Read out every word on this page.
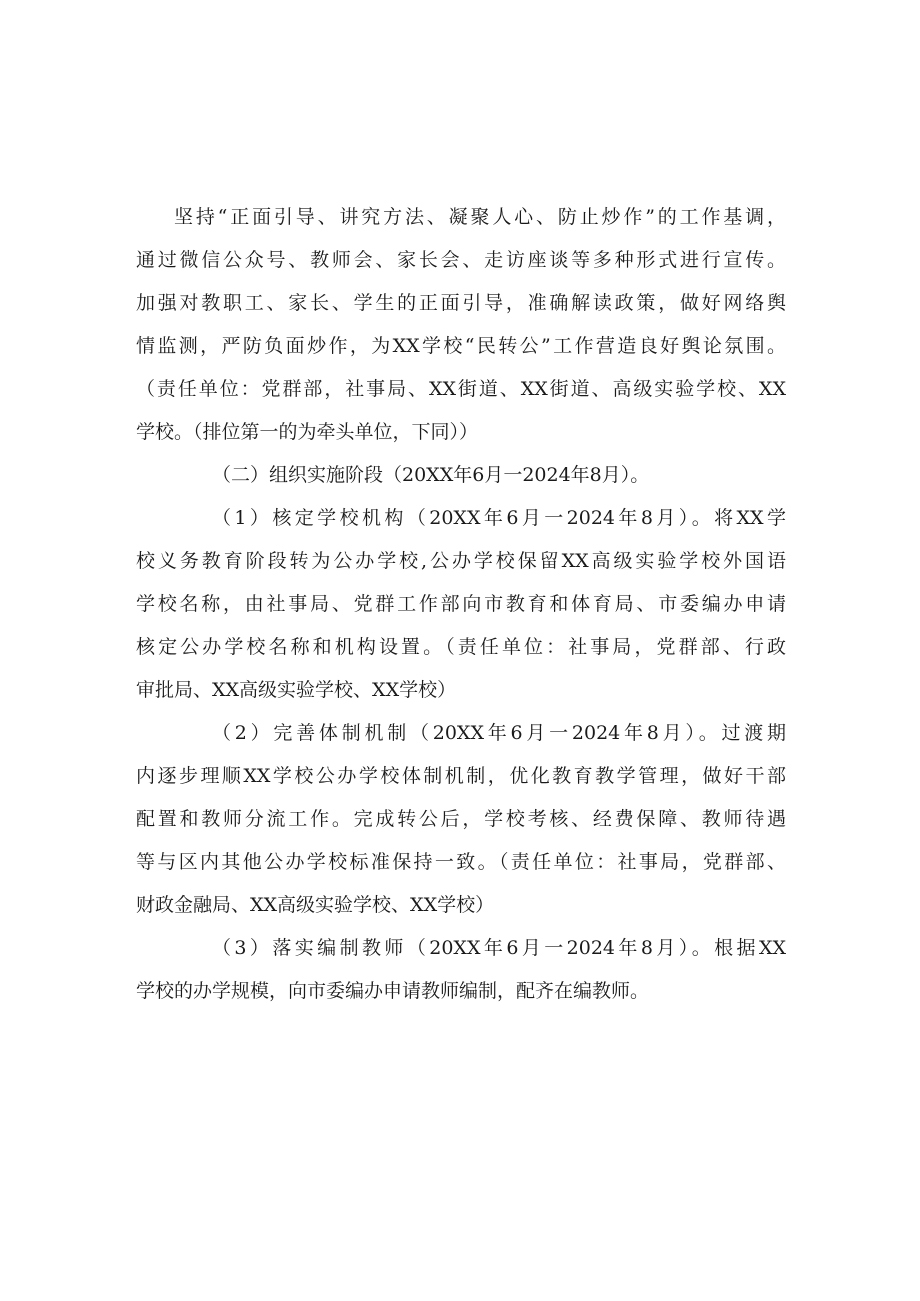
坚持“正面引导、讲究方法、凝聚人心、防止炒作”的工作基调，
通过微信公众号、教师会、家长会、走访座谈等多种形式进行宣传。
加强对教职工、家长、学生的正面引导，准确解读政策，做好网络舆
情监测，严防负面炒作，为XX学校“民转公”工作营造良好舆论氛围。
（责任单位：党群部，社事局、XX街道、XX街道、高级实验学校、XX
学校。（排位第一的为牵头单位，下同））
（二）组织实施阶段（20XX年6月一2024年8月）。
（1）核定学校机构（20XX年6月一2024年8月）。将XX学
校义务教育阶段转为公办学校,公办学校保留XX高级实验学校外国语
学校名称，由社事局、党群工作部向市教育和体育局、市委编办申请
核定公办学校名称和机构设置。（责任单位：社事局，党群部、行政
审批局、XX高级实验学校、XX学校）
（2）完善体制机制（20XX年6月一2024年8月）。过渡期
内逐步理顺XX学校公办学校体制机制，优化教育教学管理，做好干部
配置和教师分流工作。完成转公后，学校考核、经费保障、教师待遇
等与区内其他公办学校标准保持一致。（责任单位：社事局，党群部、
财政金融局、XX高级实验学校、XX学校）
（3）落实编制教师（20XX年6月一2024年8月）。根据XX
学校的办学规模，向市委编办申请教师编制，配齐在编教师。
